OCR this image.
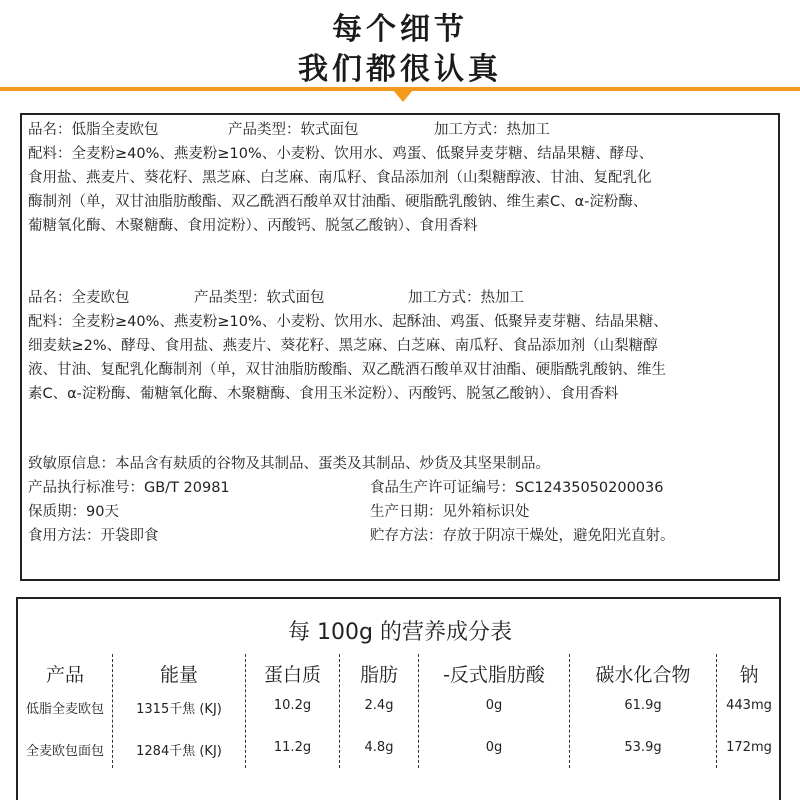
每个细节
我们都很认真
品名：低脂全麦欧包	产品类型：软式面包	加工方式：热加工
配料：全麦粉≥40%、燕麦粉≥10%、小麦粉、饮用水、鸡蛋、低聚异麦芽糖、结晶果糖、酵母、
食用盐、燕麦片、葵花籽、黑芝麻、白芝麻、南瓜籽、食品添加剂（山梨糖醇液、甘油、复配乳化
酶制剂（单，双甘油脂肪酸酯、双乙酰酒石酸单双甘油酯、硬脂酰乳酸钠、维生素C、α-淀粉酶、
葡糖氧化酶、木聚糖酶、食用淀粉）、丙酸钙、脱氢乙酸钠）、食用香料
品名：全麦欧包	产品类型：软式面包	加工方式：热加工
配料：全麦粉≥40%、燕麦粉≥10%、小麦粉、饮用水、起酥油、鸡蛋、低聚异麦芽糖、结晶果糖、
细麦麸≥2%、酵母、食用盐、燕麦片、葵花籽、黑芝麻、白芝麻、南瓜籽、食品添加剂（山梨糖醇
液、甘油、复配乳化酶制剂（单，双甘油脂肪酸酯、双乙酰酒石酸单双甘油酯、硬脂酰乳酸钠、维生
素C、α-淀粉酶、葡糖氧化酶、木聚糖酶、食用玉米淀粉）、丙酸钙、脱氢乙酸钠）、食用香料
致敏原信息：本品含有麸质的谷物及其制品、蛋类及其制品、炒货及其坚果制品。
产品执行标准号：GB/T 20981	食品生产许可证编号：SC12435050200036
保质期：90天	生产日期：见外箱标识处
食用方法：开袋即食	贮存方法：存放于阴凉干燥处，避免阳光直射。
每 100g 的营养成分表
产品	能量	蛋白质	脂肪	-反式脂肪酸	碳水化合物	钠
低脂全麦欧包	1315千焦 (KJ)	10.2g	2.4g	0g	61.9g	443mg
全麦欧包面包	1284千焦 (KJ)	11.2g	4.8g	0g	53.9g	172mg
